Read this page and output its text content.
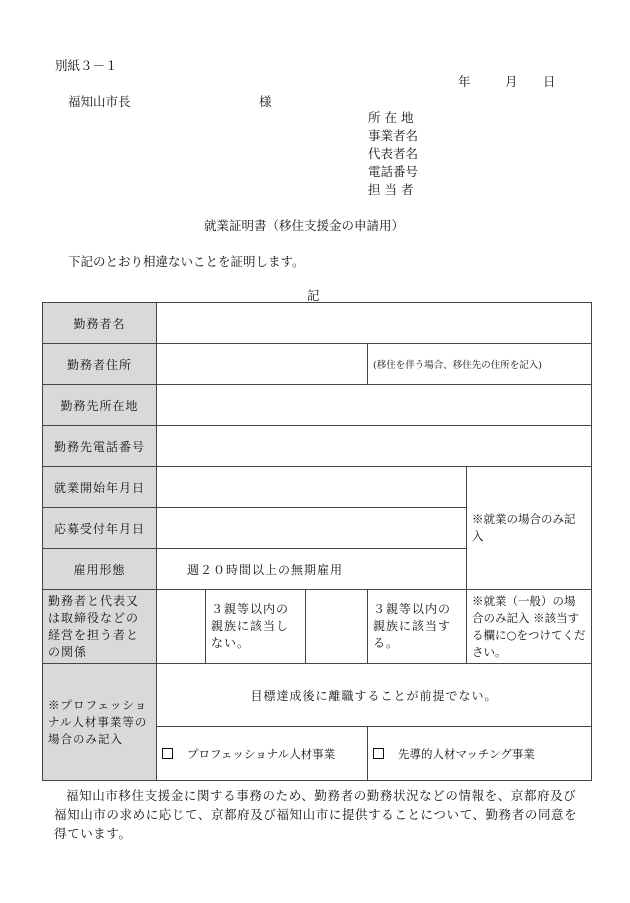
別紙３－１
年	月 日
福知山市長	様
所 在 地
事業者名
代表者名
電話番号
担 当 者
就業証明書（移住支援金の申請用）
下記のとおり相違ないことを証明します。
記
勤務者名					
勤務者住所				(移住を伴う場合、移住先の住所を記入)	
勤務先所在地					
勤務先電話番号					
就業開始年月日					※就業の場合のみ記入
応募受付年月日					
雇用形態	週２０時間以上の無期雇用				
勤務者と代表又は取締役などの経営を担う者との関係		３親等以内の親族に該当しない。		３親等以内の親族に該当する。	※就業（一般）の場合のみ記入 ※該当する欄に○をつけてください。
※プロフェッショナル人材事業等の場合のみ記入	目標達成後に離職することが前提でない。				
	プロフェッショナル人材事業			先導的人材マッチング事業	
福知山市移住支援金に関する事務のため、勤務者の勤務状況などの情報を、京都府及び福知山市の求めに応じて、京都府及び福知山市に提供することについて、勤務者の同意を得ています。
